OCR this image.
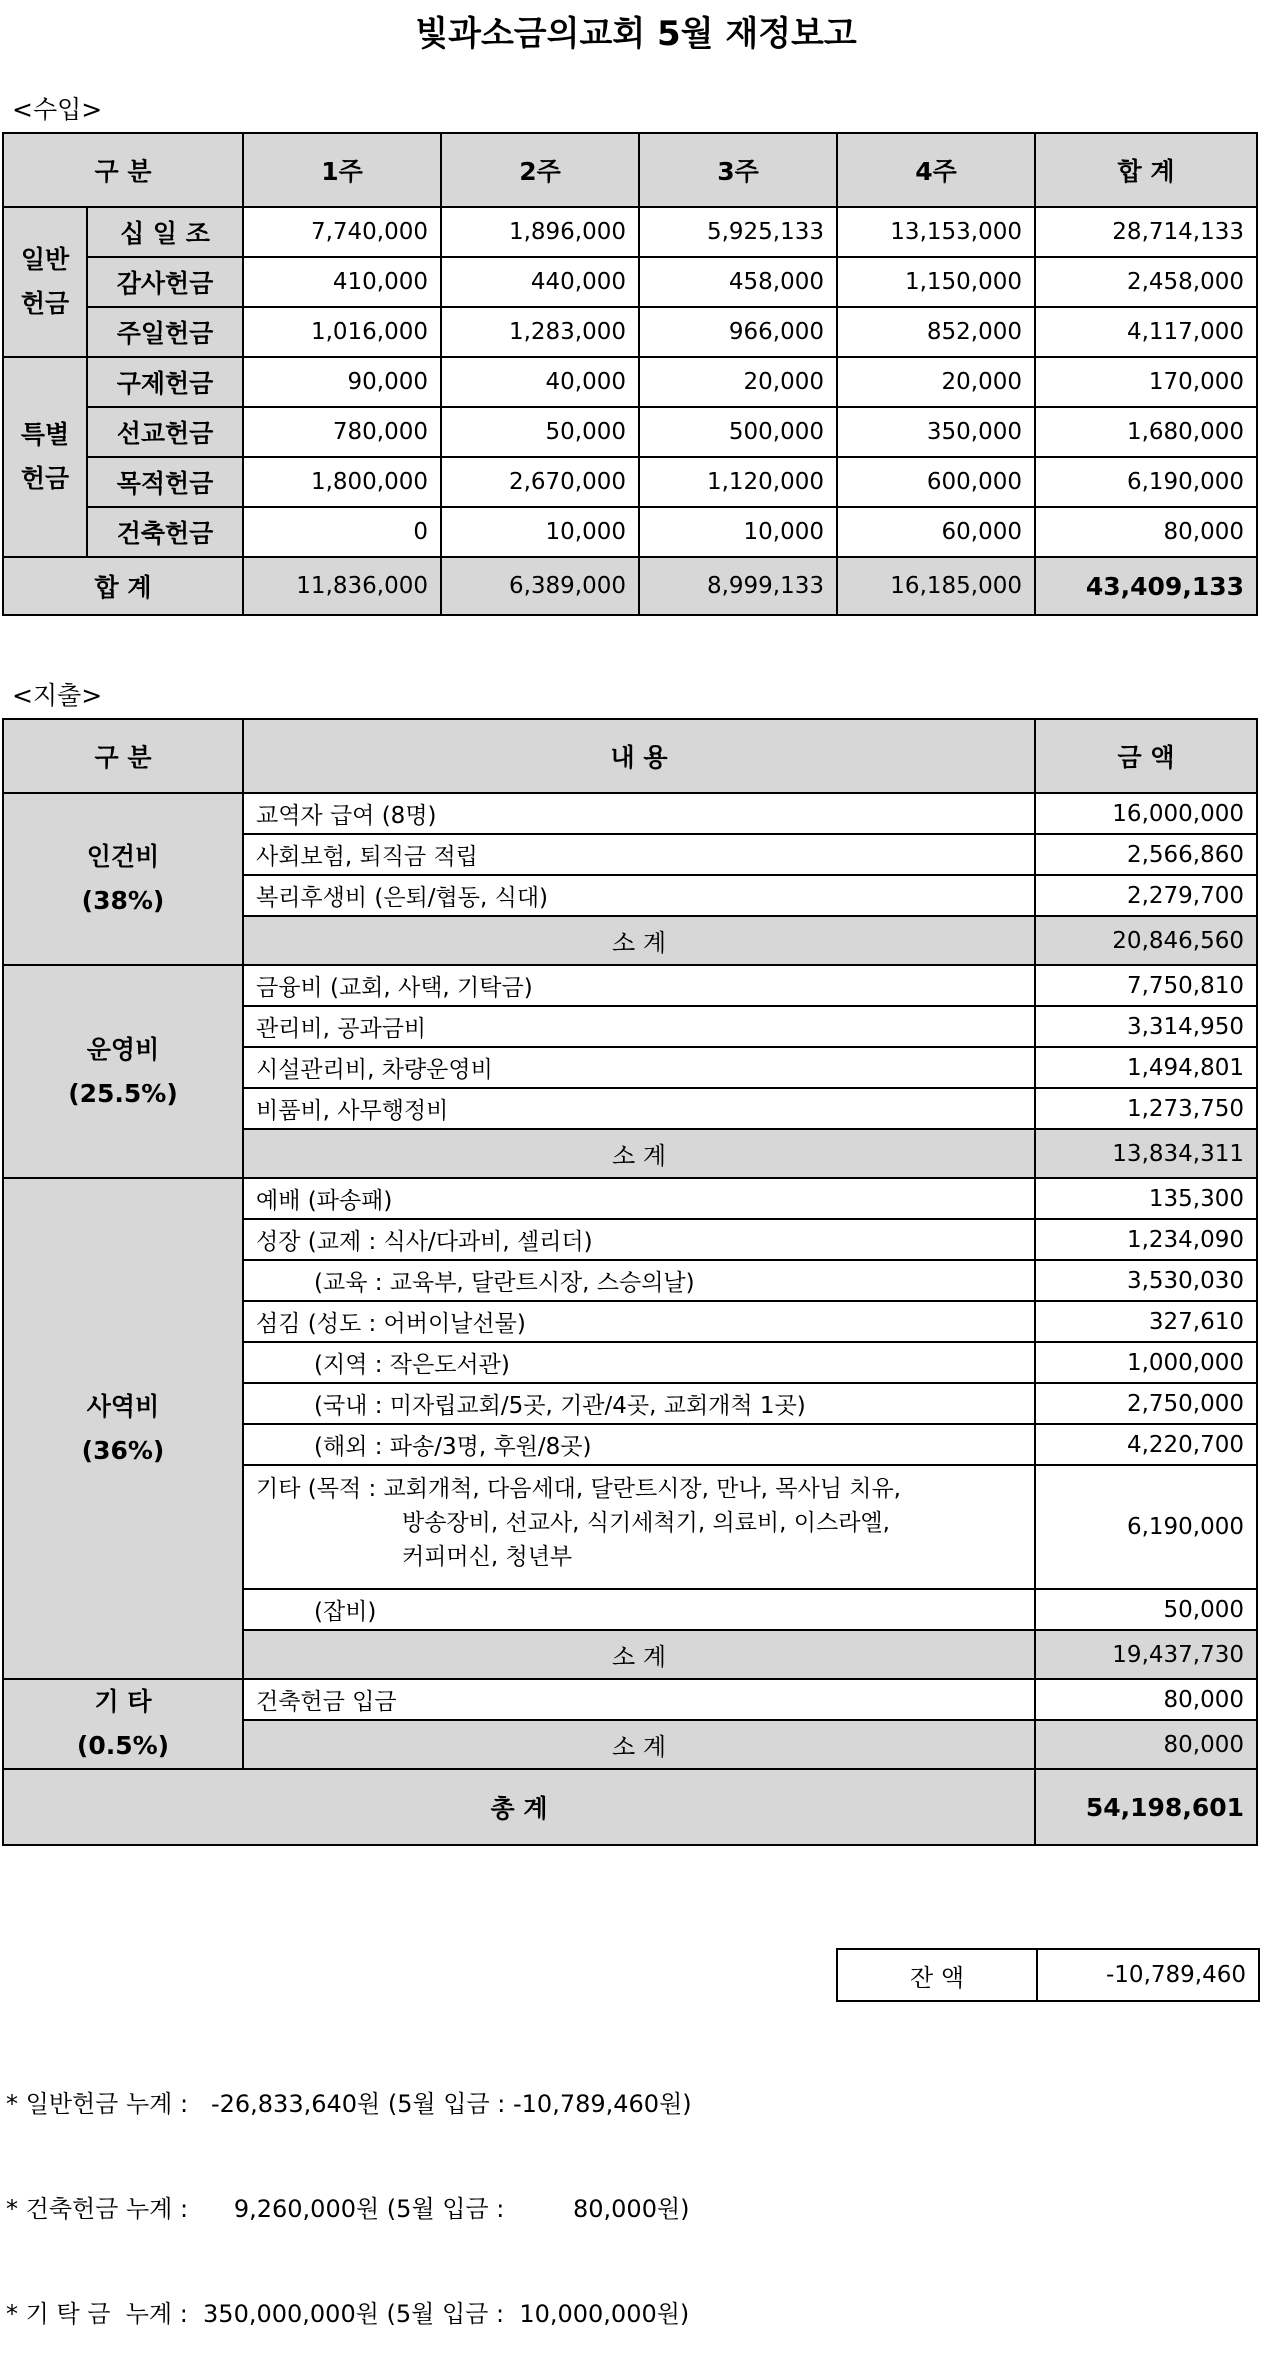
빛과소금의교회 5월 재정보고
<수입>
구 분		1주	2주	3주	4주	합 계
일반
헌금	십 일 조	7,740,000	1,896,000	5,925,133	13,153,000	28,714,133
	감사헌금	410,000	440,000	458,000	1,150,000	2,458,000
	주일헌금	1,016,000	1,283,000	966,000	852,000	4,117,000
특별
헌금	구제헌금	90,000	40,000	20,000	20,000	170,000
	선교헌금	780,000	50,000	500,000	350,000	1,680,000
	목적헌금	1,800,000	2,670,000	1,120,000	600,000	6,190,000
	건축헌금	0	10,000	10,000	60,000	80,000
합 계		11,836,000	6,389,000	8,999,133	16,185,000	43,409,133
<지출>
구 분	내 용	금 액

인건비
(38%)	교역자 급여 (8명)	16,000,000
	사회보험, 퇴직금 적립	2,566,860
	복리후생비 (은퇴/협동, 식대)	2,279,700
	소 계	20,846,560

운영비
(25.5%)	금융비 (교회, 사택, 기탁금)	7,750,810
	관리비, 공과금비	3,314,950
	시설관리비, 차량운영비	1,494,801
	비품비, 사무행정비	1,273,750
	소 계	13,834,311

사역비
(36%)	예배 (파송패)	135,300
	성장 (교제 : 식사/다과비, 셀리더)	1,234,090
	(교육 : 교육부, 달란트시장, 스승의날)	3,530,030
	섬김 (성도 : 어버이날선물)	327,610
	(지역 : 작은도서관)	1,000,000
	(국내 : 미자립교회/5곳, 기관/4곳, 교회개척 1곳)	2,750,000
	(해외 : 파송/3명, 후원/8곳)	4,220,700

	기타 (목적 : 교회개척, 다음세대, 달란트시장, 만나, 목사님 치유,
방송장비, 선교사, 식기세척기, 의료비, 이스라엘,
커피머신, 청년부	6,190,000
	(잡비)	50,000
	소 계	19,437,730

기 타
(0.5%)	건축헌금 입금	80,000
	소 계	80,000
총 계		54,198,601
잔 액	-10,789,460

* 일반헌금 누계 :   -26,833,640원 (5월 입금 : -10,789,460원)

* 건축헌금 누계 :      9,260,000원 (5월 입금 :         80,000원)

* 기 탁 금  누계 :  350,000,000원 (5월 입금 :  10,000,000원)
